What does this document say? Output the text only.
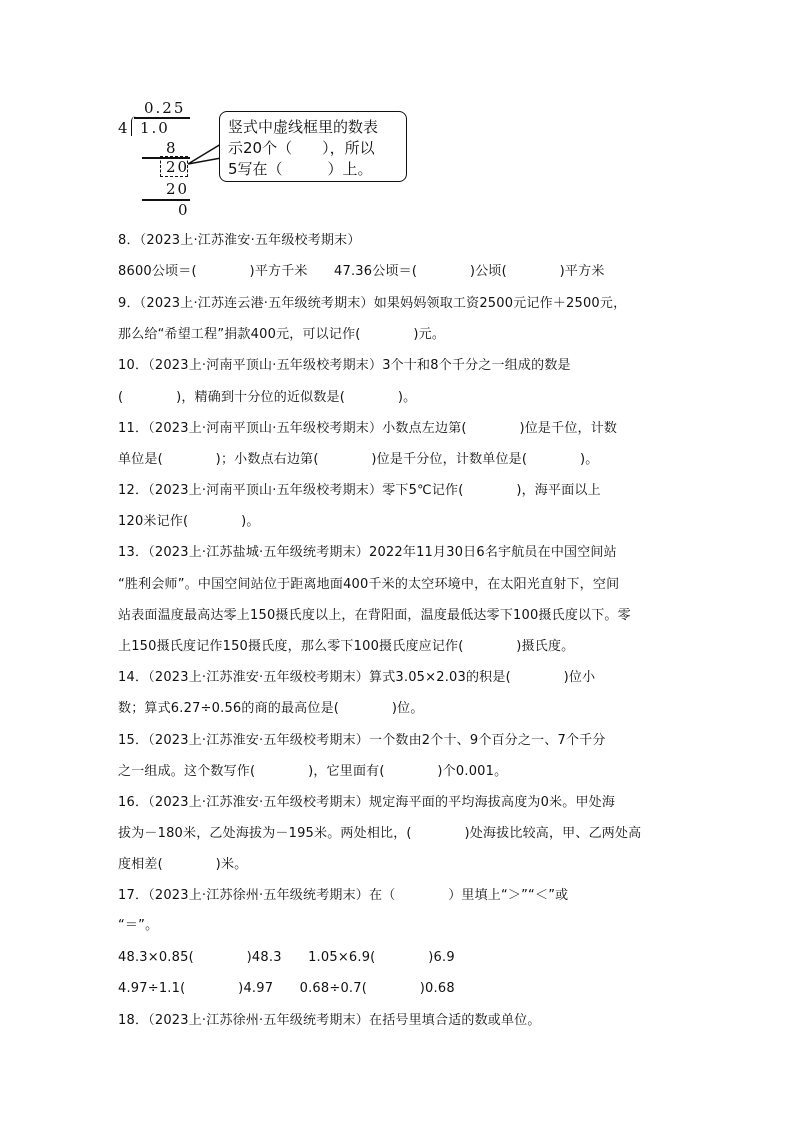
0.25
4 1.0
8
20
20
0
竖式中虚线框里的数表
示20个（　　），所以
5写在（　　　）上。
8．（2023上·江苏淮安·五年级校考期末）
8600公顷＝(　　　　)平方千米　　47.36公顷＝(　　　　)公顷(　　　　)平方米
9．（2023上·江苏连云港·五年级统考期末）如果妈妈领取工资2500元记作＋2500元，
那么给“希望工程”捐款400元，可以记作(　　　　)元。
10．（2023上·河南平顶山·五年级校考期末）3个十和8个千分之一组成的数是
(　　　　)，精确到十分位的近似数是(　　　　)。
11．（2023上·河南平顶山·五年级校考期末）小数点左边第(　　　　)位是千位，计数
单位是(　　　　)；小数点右边第(　　　　)位是千分位，计数单位是(　　　　)。
12．（2023上·河南平顶山·五年级校考期末）零下5℃记作(　　　　)，海平面以上
120米记作(　　　　)。
13．（2023上·江苏盐城·五年级统考期末）2022年11月30日6名宇航员在中国空间站
“胜利会师”。中国空间站位于距离地面400千米的太空环境中，在太阳光直射下，空间
站表面温度最高达零上150摄氏度以上，在背阳面，温度最低达零下100摄氏度以下。零
上150摄氏度记作150摄氏度，那么零下100摄氏度应记作(　　　　)摄氏度。
14．（2023上·江苏淮安·五年级校考期末）算式3.05×2.03的积是(　　　　)位小
数；算式6.27÷0.56的商的最高位是(　　　　)位。
15．（2023上·江苏淮安·五年级校考期末）一个数由2个十、9个百分之一、7个千分
之一组成。这个数写作(　　　　)，它里面有(　　　　)个0.001。
16．（2023上·江苏淮安·五年级校考期末）规定海平面的平均海拔高度为0米。甲处海
拔为－180米，乙处海拔为－195米。两处相比，(　　　　)处海拔比较高，甲、乙两处高
度相差(　　　　)米。
17．（2023上·江苏徐州·五年级统考期末）在（　　　　）里填上“＞”“＜”或
“＝”。
48.3×0.85(　　　　)48.3　　1.05×6.9(　　　　)6.9
4.97÷1.1(　　　　)4.97　　0.68÷0.7(　　　　)0.68
18．（2023上·江苏徐州·五年级统考期末）在括号里填合适的数或单位。
